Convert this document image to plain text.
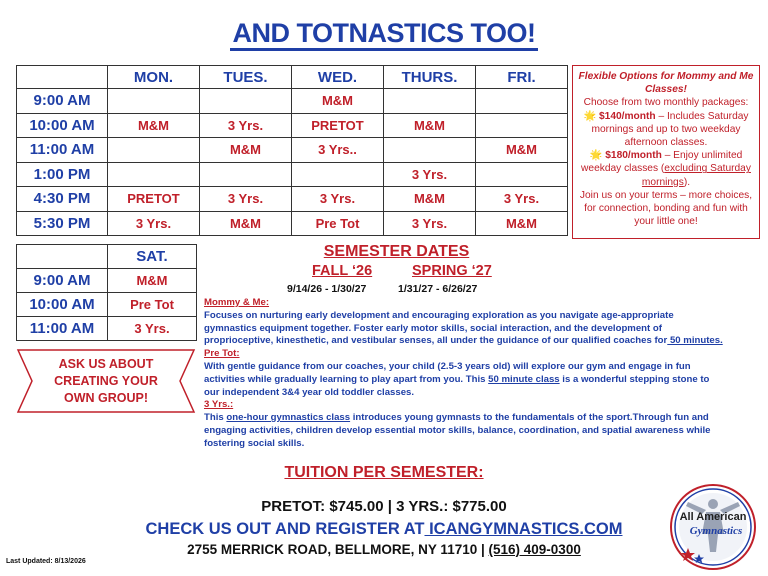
AND TOTNASTICS TOO!
	MON.	TUES.	WED.	THURS.	FRI.
9:00 AM			M&M		
10:00 AM	M&M	3 Yrs.	PRETOT	M&M	
11:00 AM		M&M	3 Yrs..		M&M
1:00 PM				3 Yrs.	
4:30 PM	PRETOT	3 Yrs.	3 Yrs.	M&M	3 Yrs.
5:30 PM	3 Yrs.	M&M	Pre Tot	3 Yrs.	M&M
Flexible Options for Mommy and Me Classes!
Choose from two monthly packages:
🌟 $140/month – Includes Saturday mornings and up to two weekday afternoon classes.
🌟 $180/month – Enjoy unlimited weekday classes (excluding Saturday mornings).
Join us on your terms – more choices, for connection, bonding and fun with your little one!
	SAT.
9:00 AM	M&M
10:00 AM	Pre Tot
11:00 AM	3 Yrs.
ASK US ABOUT CREATING YOUR OWN GROUP!
SEMESTER DATES
FALL ‘26	SPRING ‘27
9/14/26 - 1/30/27	1/31/27 - 6/26/27
Mommy & Me:
Focuses on nurturing early development and encouraging exploration as you navigate age-appropriate gymnastics equipment together. Foster early motor skills, social interaction, and the development of proprioceptive, kinesthetic, and vestibular senses, all under the guidance of our qualified coaches for 50 minutes.
Pre Tot:
With gentle guidance from our coaches, your child (2.5-3 years old) will explore our gym and engage in fun activities while gradually learning to play apart from you. This 50 minute class is a wonderful stepping stone to our independent 3&4 year old toddler classes.
3 Yrs.:
This one-hour gymnastics class introduces young gymnasts to the fundamentals of the sport.Through fun and engaging activities, children develop essential motor skills, balance, coordination, and spatial awareness while fostering social skills.
TUITION PER SEMESTER:
PRETOT: $745.00 | 3 YRS.: $775.00
CHECK US OUT AND REGISTER AT ICANGYMNASTICS.COM
2755 MERRICK ROAD, BELLMORE, NY 11710 | (516) 409-0300
Last Updated: 8/13/2026
All American
Gymnastics
